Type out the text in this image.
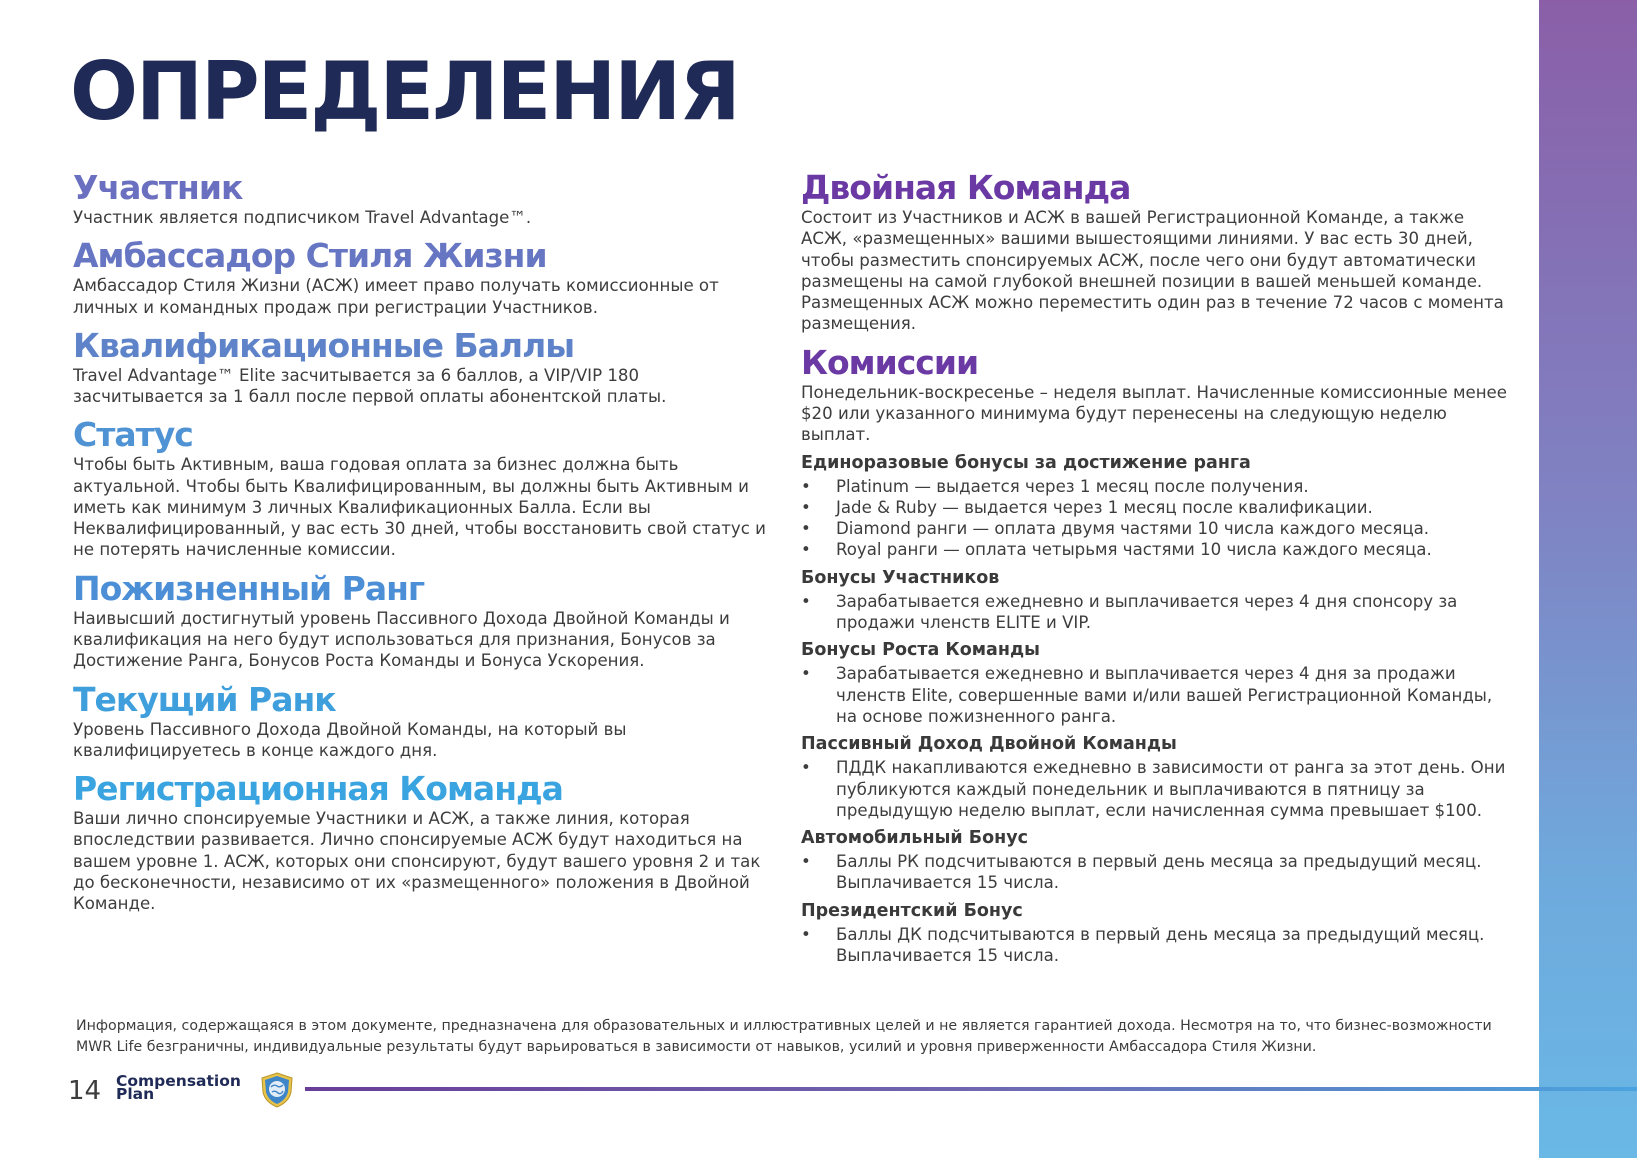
ОПРЕДЕЛЕНИЯ
Участник

Участник является подписчиком Travel Advantage™.

Амбассадор Стиля Жизни

Амбассадор Стиля Жизни (АСЖ) имеет право получать комиссионные от личных и командных продаж при регистрации Участников.

Квалификационные Баллы

Travel Advantage™ Elite засчитывается за 6 баллов, а VIP/VIP 180 засчитывается за 1 балл после первой оплаты абонентской платы.

Статус

Чтобы быть Активным, ваша годовая оплата за бизнес должна быть актуальной. Чтобы быть Квалифицированным, вы должны быть Активным и иметь как минимум 3 личных Квалификационных Балла. Если вы Неквалифицированный, у вас есть 30 дней, чтобы восстановить свой статус и не потерять начисленные комиссии.

Пожизненный Ранг

Наивысший достигнутый уровень Пассивного Дохода Двойной Команды и квалификация на него будут использоваться для признания, Бонусов за Достижение Ранга, Бонусов Роста Команды и Бонуса Ускорения.

Текущий Ранк

Уровень Пассивного Дохода Двойной Команды, на который вы квалифицируетесь в конце каждого дня.

Регистрационная Команда

Ваши лично спонсируемые Участники и АСЖ, а также линия, которая впоследствии развивается. Лично спонсируемые АСЖ будут находиться на вашем уровне 1. АСЖ, которых они спонсируют, будут вашего уровня 2 и так до бесконечности, независимо от их «размещенного» положения в Двойной Команде.

Двойная Команда

Состоит из Участников и АСЖ в вашей Регистрационной Команде, а также АСЖ, «размещенных» вашими вышестоящими линиями. У вас есть 30 дней, чтобы разместить спонсируемых АСЖ, после чего они будут автоматически размещены на самой глубокой внешней позиции в вашей меньшей команде. Размещенных АСЖ можно переместить один раз в течение 72 часов с момента размещения.

Комиссии

Понедельник-воскресенье – неделя выплат. Начисленные комиссионные менее $20 или указанного минимума будут перенесены на следующую неделю выплат.

Единоразовые бонусы за достижение ранга
• Platinum — выдается через 1 месяц после получения.
• Jade & Ruby — выдается через 1 месяц после квалификации.
• Diamond ранги — оплата двумя частями 10 числа каждого месяца.
• Royal ранги — оплата четырьмя частями 10 числа каждого месяца.
Бонусы Участников
• Зарабатывается ежедневно и выплачивается через 4 дня спонсору за продажи членств ELITE и VIP.
Бонусы Роста Команды
• Зарабатывается ежедневно и выплачивается через 4 дня за продажи членств Elite, совершенные вами и/или вашей Регистрационной Команды, на основе пожизненного ранга.
Пассивный Доход Двойной Команды
• ПДДК накапливаются ежедневно в зависимости от ранга за этот день. Они публикуются каждый понедельник и выплачиваются в пятницу за предыдущую неделю выплат, если начисленная сумма превышает $100.
Автомобильный Бонус
• Баллы РК подсчитываются в первый день месяца за предыдущий месяц. Выплачивается 15 числа.
Президентский Бонус
• Баллы ДК подсчитываются в первый день месяца за предыдущий месяц. Выплачивается 15 числа.

Информация, содержащаяся в этом документе, предназначена для образовательных и иллюстративных целей и не является гарантией дохода. Несмотря на то, что бизнес-возможности MWR Life безграничны, индивидуальные результаты будут варьироваться в зависимости от навыков, усилий и уровня приверженности Амбассадора Стиля Жизни.

14 Compensation
Plan
